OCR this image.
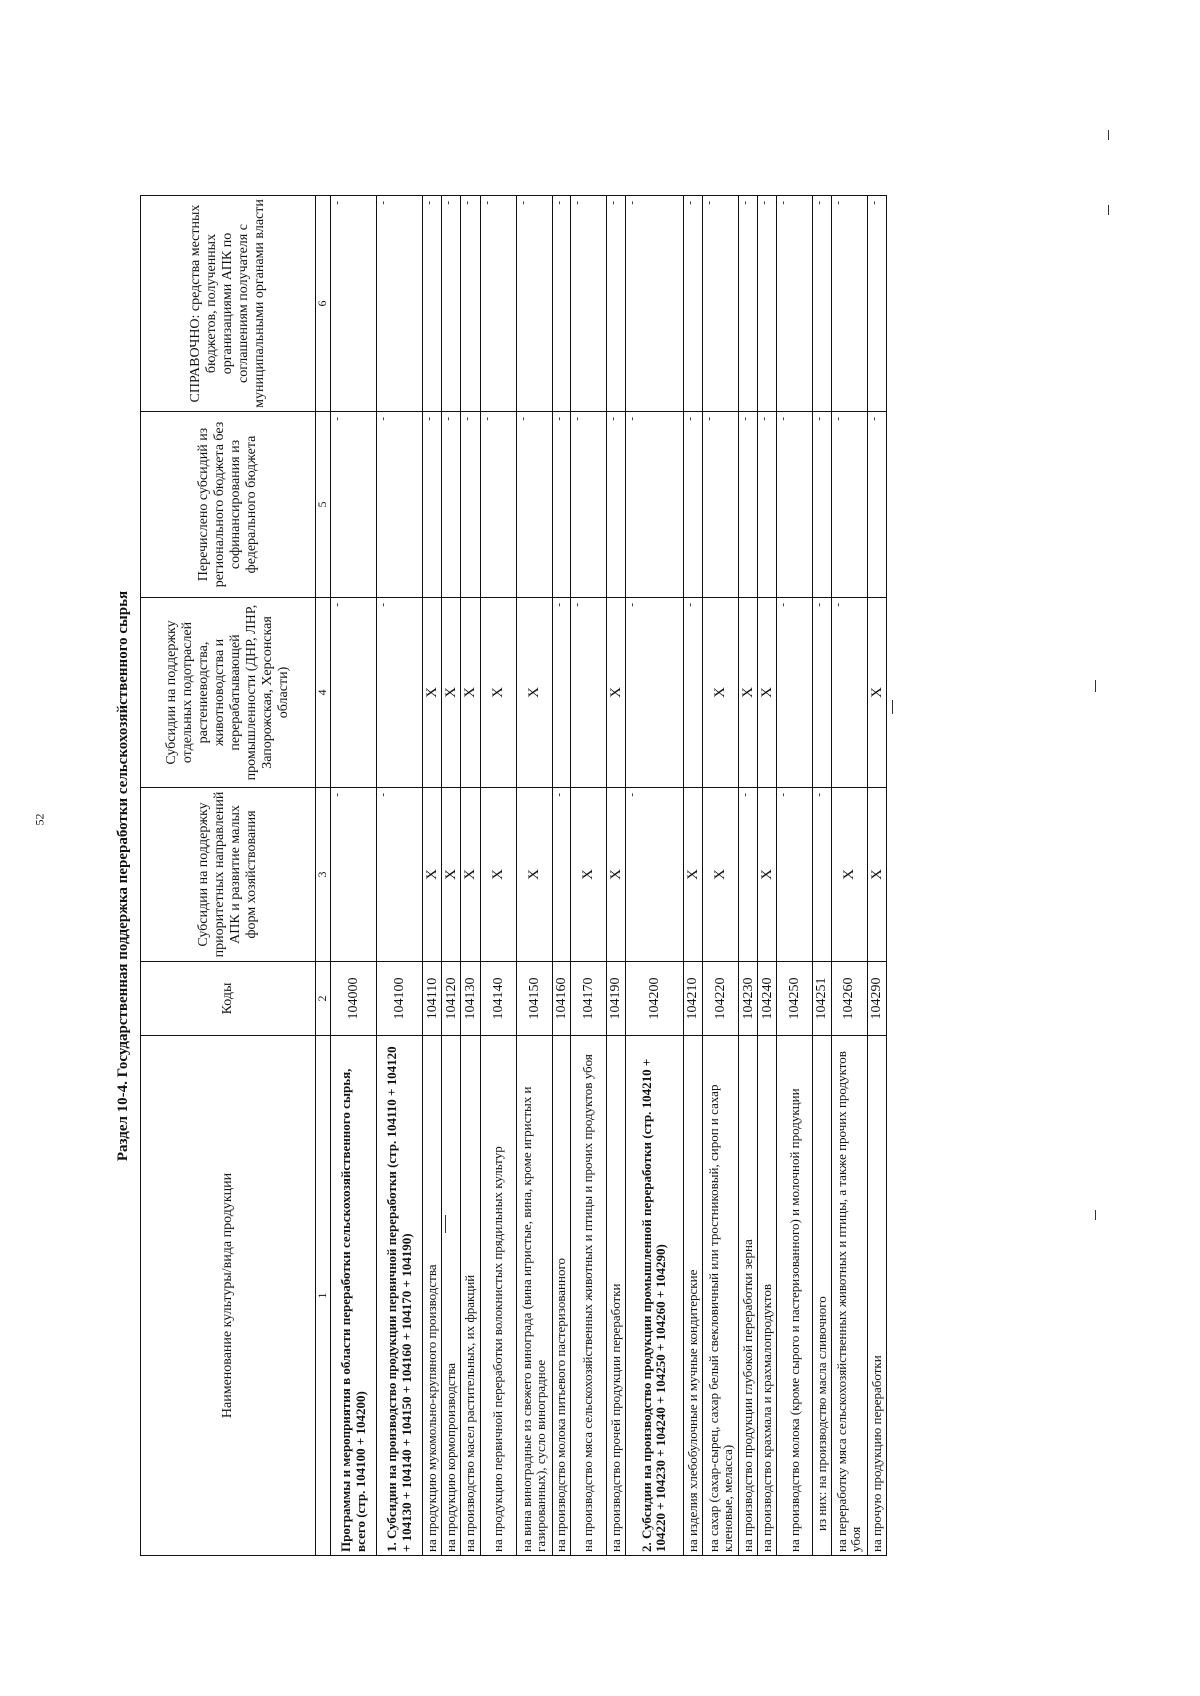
52	Раздел 10-4. Государственная поддержка переработки сельскохозяйственного сырья
Наименование культуры/вида продукции	Коды	Субсидии на поддержку приоритетных направлений АПК и развитие малых форм хозяйствования	Субсидии на поддержку отдельных подотраслей растениеводства, животноводства и перерабатывающей промышленности (ДНР, ЛНР, Запорожская, Херсонская области)	Перечислено субсидий из регионального бюджета без софинансирования из федерального бюджета	СПРАВОЧНО: средства местных бюджетов, полученных организациями АПК по соглашениям получателя с муниципальными органами власти
1	2	3	4	5	6
Программы и мероприятия в области переработки сельскохозяйственного сырья, всего (стр. 104100 + 104200)	104000	-	-	-	-
1. Субсидии на производство продукции первичной переработки (стр. 104110 + 104120 + 104130 + 104140 + 104150 + 104160 + 104170 + 104190)	104100	-	-	-	-
на продукцию мукомольно-крупяного производства	104110	X	X	-	-
на продукцию кормопроизводства	104120	X	X	-	-
на производство масел растительных, их фракций	104130	X	X	-	-
на продукцию первичной переработки волокнистых прядильных культур	104140	X	X	-	-
на вина виноградные из свежего винограда (вина игристые, вина, кроме игристых и газированных), сусло виноградное	104150	X	X	-	-
на производство молока питьевого пастеризованного	104160	-	-	-	-
на производство мяса сельскохозяйственных животных и птицы и прочих продуктов убоя	104170	X	-	-	-
на производство прочей продукции переработки	104190	X	X	-	-
2. Субсидии на производство продукции промышленной переработки (стр. 104210 + 104220 + 104230 + 104240 + 104250 + 104260 + 104290)	104200	-	-	-	-
на изделия хлебобулочные и мучные кондитерские	104210	X	-	-	-
на сахар (сахар-сырец, сахар белый свекловичный или тростниковый, сироп и сахар кленовые, меласса)	104220	X	X	-	-
на производство продукции глубокой переработки зерна	104230	-	X	-	-
на производство крахмала и крахмалопродуктов	104240	X	X	-	-
на производство молока (кроме сырого и пастеризованного) и молочной продукции	104250	-	-	-	-
из них: на производство масла сливочного	104251	-	-	-	-
на переработку мяса сельскохозяйственных животных и птицы, а также прочих продуктов убоя	104260	X	-	-	-
на прочую продукцию переработки	104290	X	X	-	-
